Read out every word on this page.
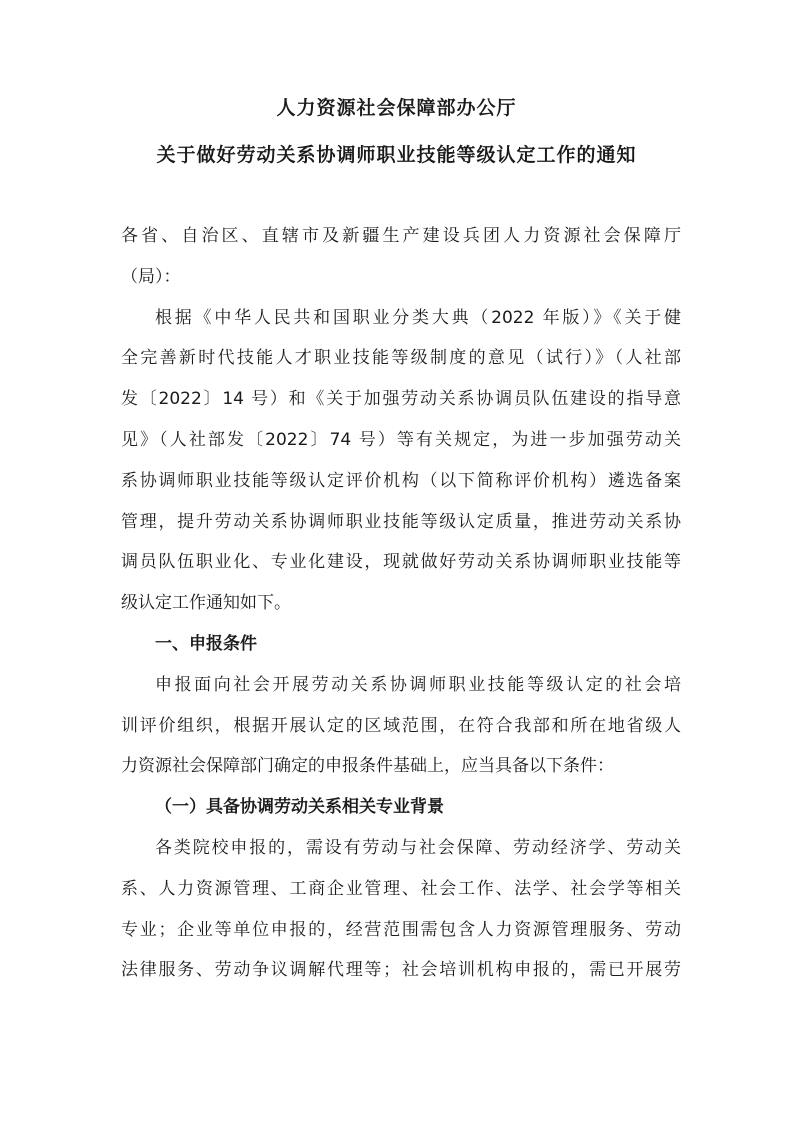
人力资源社会保障部办公厅
关于做好劳动关系协调师职业技能等级认定工作的通知
各省、自治区、直辖市及新疆生产建设兵团人力资源社会保障厅
（局）：
根据《中华人民共和国职业分类大典（2022 年版）》《关于健
全完善新时代技能人才职业技能等级制度的意见（试行）》（人社部
发〔2022〕14 号）和《关于加强劳动关系协调员队伍建设的指导意
见》（人社部发〔2022〕74 号）等有关规定，为进一步加强劳动关
系协调师职业技能等级认定评价机构（以下简称评价机构）遴选备案
管理，提升劳动关系协调师职业技能等级认定质量，推进劳动关系协
调员队伍职业化、专业化建设，现就做好劳动关系协调师职业技能等
级认定工作通知如下。
一、申报条件
申报面向社会开展劳动关系协调师职业技能等级认定的社会培
训评价组织，根据开展认定的区域范围，在符合我部和所在地省级人
力资源社会保障部门确定的申报条件基础上，应当具备以下条件：
（一）具备协调劳动关系相关专业背景
各类院校申报的，需设有劳动与社会保障、劳动经济学、劳动关
系、人力资源管理、工商企业管理、社会工作、法学、社会学等相关
专业；企业等单位申报的，经营范围需包含人力资源管理服务、劳动
法律服务、劳动争议调解代理等；社会培训机构申报的，需已开展劳
